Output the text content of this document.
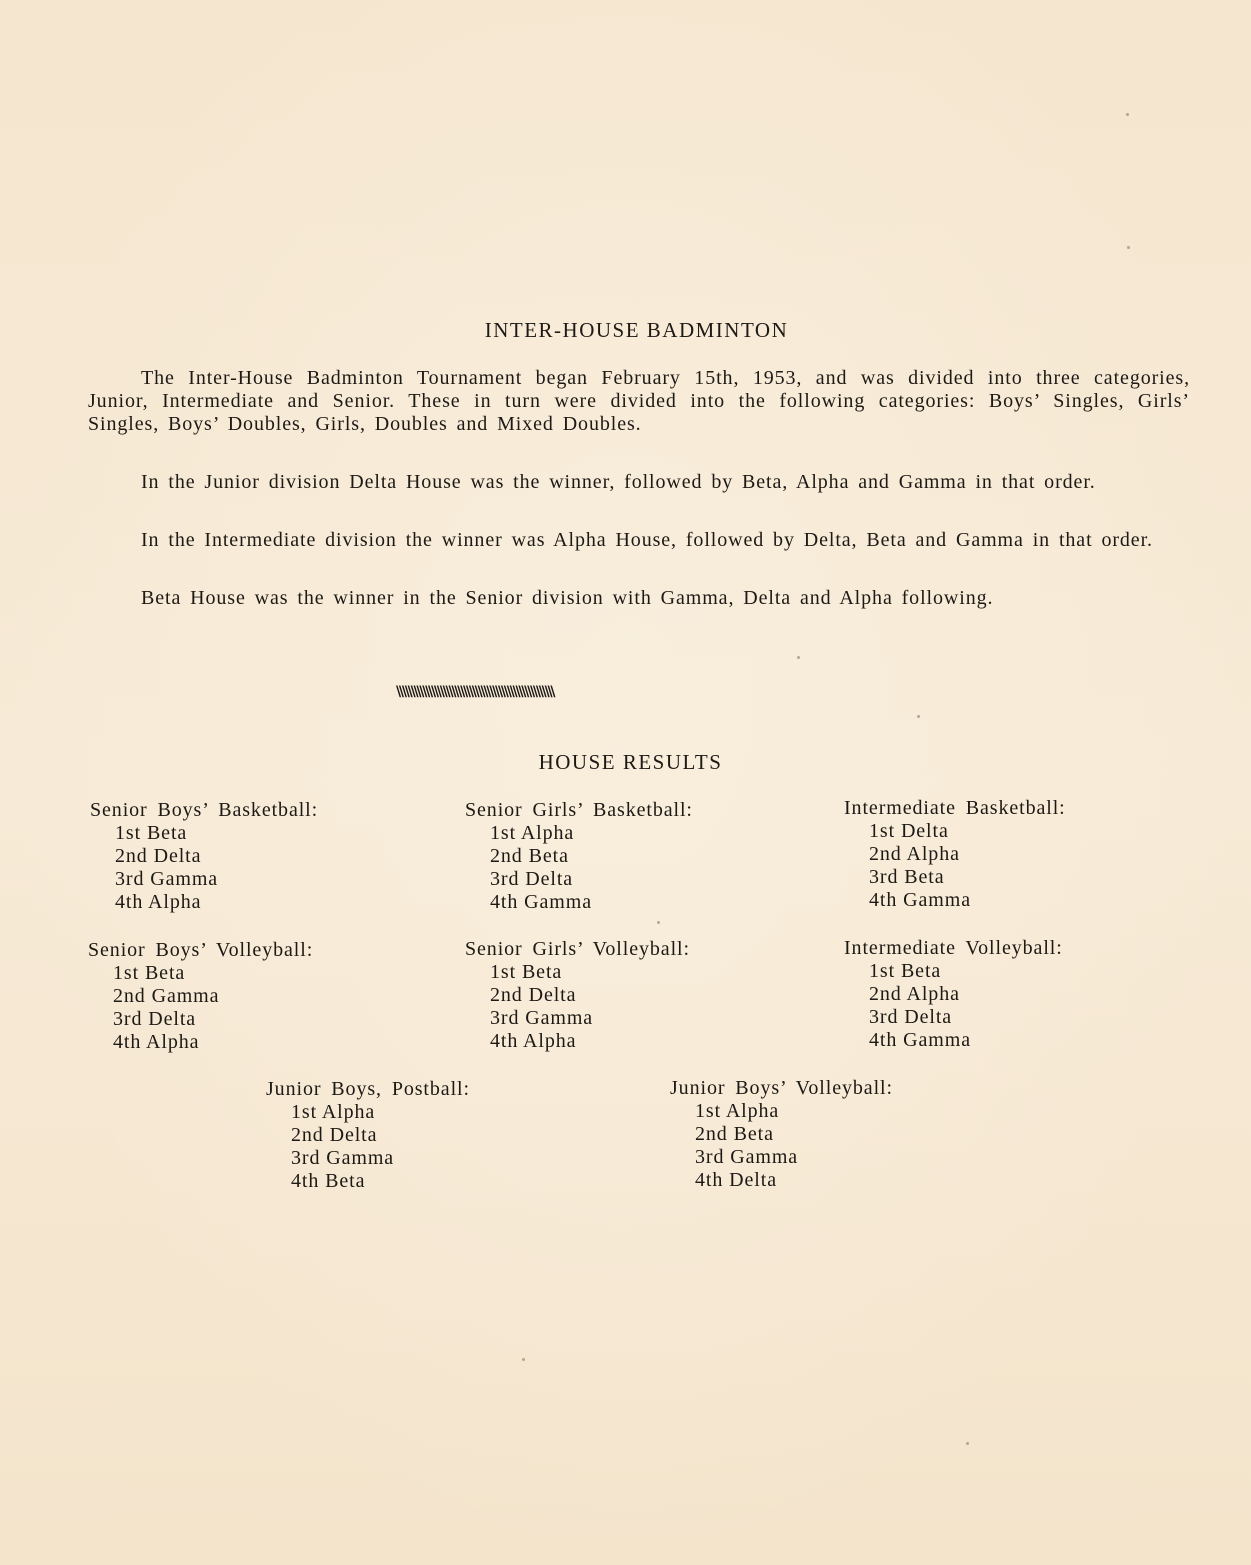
INTER-HOUSE BADMINTON

The Inter-House Badminton Tournament began February 15th, 1953, and was divided into three categories, Junior, Intermediate and Senior. These in turn were divided into the following categories: Boys’ Singles, Girls’ Singles, Boys’ Doubles, Girls, Doubles and Mixed Doubles.

In the Junior division Delta House was the winner, followed by Beta, Alpha and Gamma in that order.

In the Intermediate division the winner was Alpha House, followed by Delta, Beta and Gamma in that order.

Beta House was the winner in the Senior division with Gamma, Delta and Alpha following.

\\\\\\\\\\\\\\\\\\\\\\\\\\\\\\\\\\\\\\\\\\\\\\\\\\\\\\
HOUSE RESULTS
Senior Boys’ Basketball:
1st Beta
2nd Delta
3rd Gamma
4th Alpha
Senior Girls’ Basketball:
1st Alpha
2nd Beta
3rd Delta
4th Gamma
Intermediate Basketball:
1st Delta
2nd Alpha
3rd Beta
4th Gamma
Senior Boys’ Volleyball:
1st Beta
2nd Gamma
3rd Delta
4th Alpha
Senior Girls’ Volleyball:
1st Beta
2nd Delta
3rd Gamma
4th Alpha
Intermediate Volleyball:
1st Beta
2nd Alpha
3rd Delta
4th Gamma
Junior Boys, Postball:
1st Alpha
2nd Delta
3rd Gamma
4th Beta
Junior Boys’ Volleyball:
1st Alpha
2nd Beta
3rd Gamma
4th Delta
